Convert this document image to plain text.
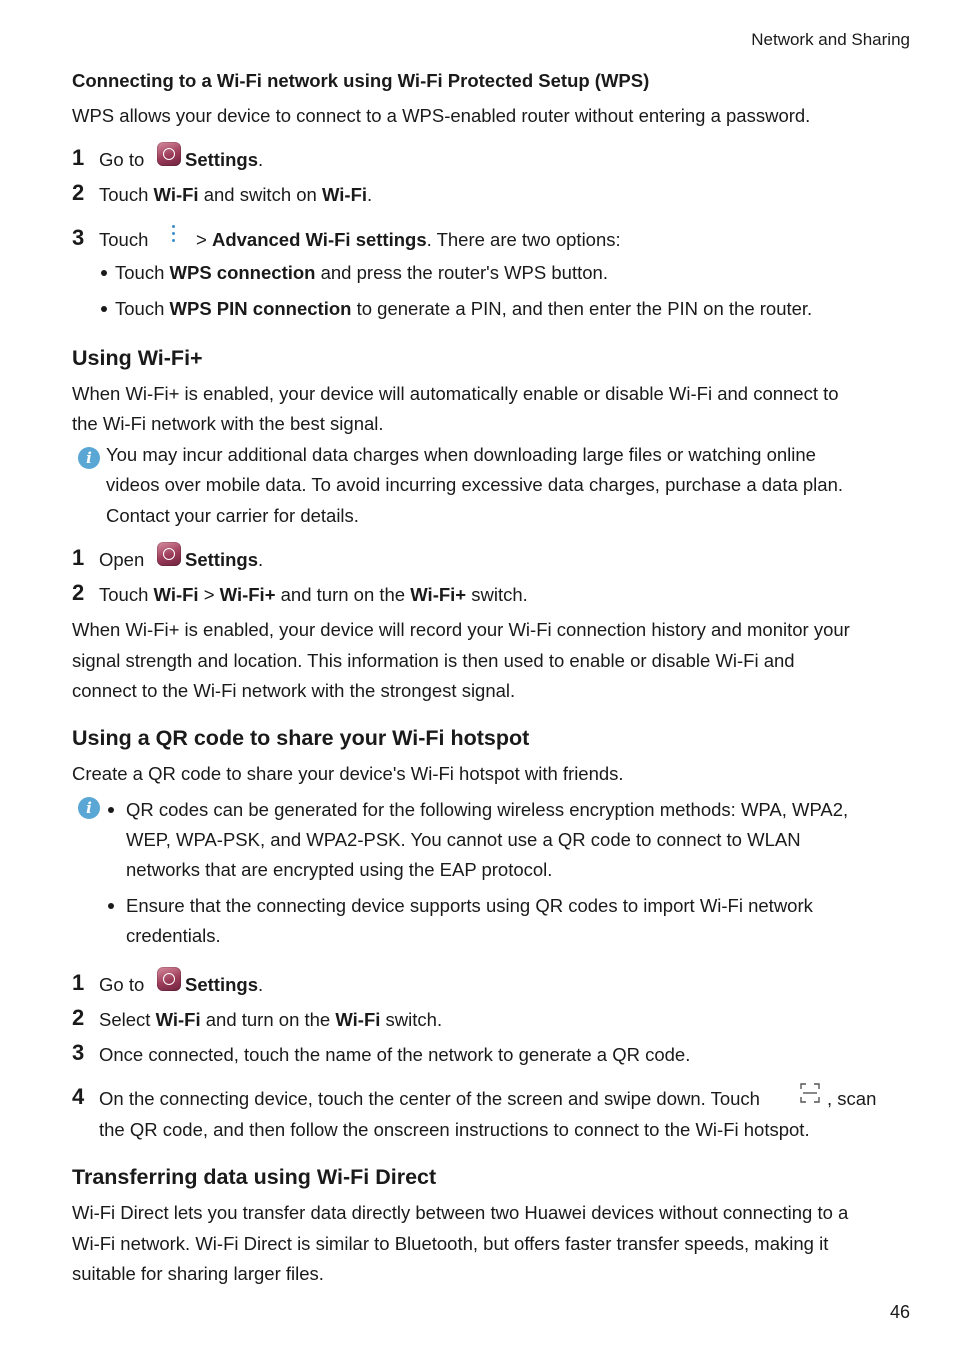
Network and Sharing
Connecting to a Wi-Fi network using Wi-Fi Protected Setup (WPS)
WPS allows your device to connect to a WPS-enabled router without entering a password.
1 Go to Settings.
2 Touch Wi-Fi and switch on Wi-Fi.
3 Touch	> Advanced Wi-Fi settings. There are two options:
Touch WPS connection and press the router's WPS button.
Touch WPS PIN connection to generate a PIN, and then enter the PIN on the router.
Using Wi-Fi+
When Wi-Fi+ is enabled, your device will automatically enable or disable Wi-Fi and connect to
the Wi-Fi network with the best signal.
i You may incur additional data charges when downloading large files or watching online
videos over mobile data. To avoid incurring excessive data charges, purchase a data plan.
Contact your carrier for details.
1 Open Settings.
2 Touch Wi-Fi > Wi-Fi+ and turn on the Wi-Fi+ switch.
When Wi-Fi+ is enabled, your device will record your Wi-Fi connection history and monitor your
signal strength and location. This information is then used to enable or disable Wi-Fi and
connect to the Wi-Fi network with the strongest signal.
Using a QR code to share your Wi-Fi hotspot
Create a QR code to share your device's Wi-Fi hotspot with friends.
i	QR codes can be generated for the following wireless encryption methods: WPA, WPA2,
WEP, WPA-PSK, and WPA2-PSK. You cannot use a QR code to connect to WLAN
networks that are encrypted using the EAP protocol.
Ensure that the connecting device supports using QR codes to import Wi-Fi network
credentials.
1 Go to Settings.
2 Select Wi-Fi and turn on the Wi-Fi switch.
3 Once connected, touch the name of the network to generate a QR code.
4 On the connecting device, touch the center of the screen and swipe down. Touch	, scan
the QR code, and then follow the onscreen instructions to connect to the Wi-Fi hotspot.
Transferring data using Wi-Fi Direct
Wi-Fi Direct lets you transfer data directly between two Huawei devices without connecting to a
Wi-Fi network. Wi-Fi Direct is similar to Bluetooth, but offers faster transfer speeds, making it
suitable for sharing larger files.
46
